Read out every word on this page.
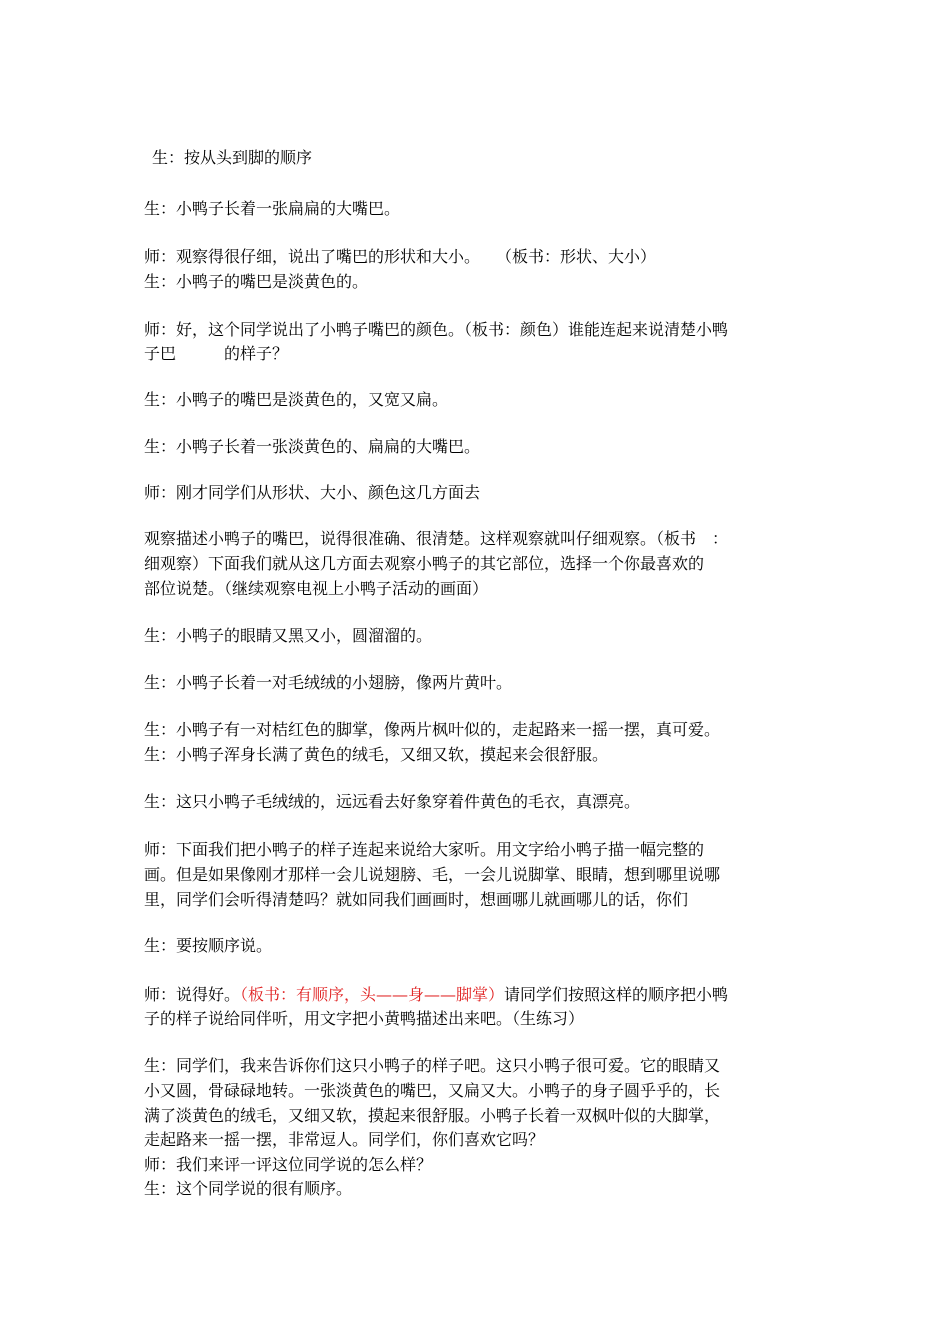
生：按从头到脚的顺序
生：小鸭子长着一张扁扁的大嘴巴。
师：观察得很仔细，说出了嘴巴的形状和大小。　　（板书：形状、大小）
生：小鸭子的嘴巴是淡黄色的。
师：好，这个同学说出了小鸭子嘴巴的颜色。（板书：颜色）谁能连起来说清楚小鸭
子巴　　　的样子？
生：小鸭子的嘴巴是淡黄色的，又宽又扁。
生：小鸭子长着一张淡黄色的、扁扁的大嘴巴。
师：刚才同学们从形状、大小、颜色这几方面去
观察描述小鸭子的嘴巴，说得很准确、很清楚。这样观察就叫仔细观察。（板书　：
细观察）下面我们就从这几方面去观察小鸭子的其它部位，选择一个你最喜欢的
部位说楚。（继续观察电视上小鸭子活动的画面）
生：小鸭子的眼睛又黑又小，圆溜溜的。
生：小鸭子长着一对毛绒绒的小翅膀，像两片黄叶。
生：小鸭子有一对桔红色的脚掌，像两片枫叶似的，走起路来一摇一摆，真可爱。
生：小鸭子浑身长满了黄色的绒毛，又细又软，摸起来会很舒服。
生：这只小鸭子毛绒绒的，远远看去好象穿着件黄色的毛衣，真漂亮。
师：下面我们把小鸭子的样子连起来说给大家听。用文字给小鸭子描一幅完整的
画。但是如果像刚才那样一会儿说翅膀、毛，一会儿说脚掌、眼睛，想到哪里说哪
里，同学们会听得清楚吗？就如同我们画画时，想画哪儿就画哪儿的话，你们
生：要按顺序说。
师：说得好。（板书：有顺序，头——身——脚掌）请同学们按照这样的顺序把小鸭
子的样子说给同伴听，用文字把小黄鸭描述出来吧。（生练习）
生：同学们，我来告诉你们这只小鸭子的样子吧。这只小鸭子很可爱。它的眼睛又
小又圆，骨碌碌地转。一张淡黄色的嘴巴，又扁又大。小鸭子的身子圆乎乎的，长
满了淡黄色的绒毛，又细又软，摸起来很舒服。小鸭子长着一双枫叶似的大脚掌，
走起路来一摇一摆，非常逗人。同学们，你们喜欢它吗？
师：我们来评一评这位同学说的怎么样？
生：这个同学说的很有顺序。
